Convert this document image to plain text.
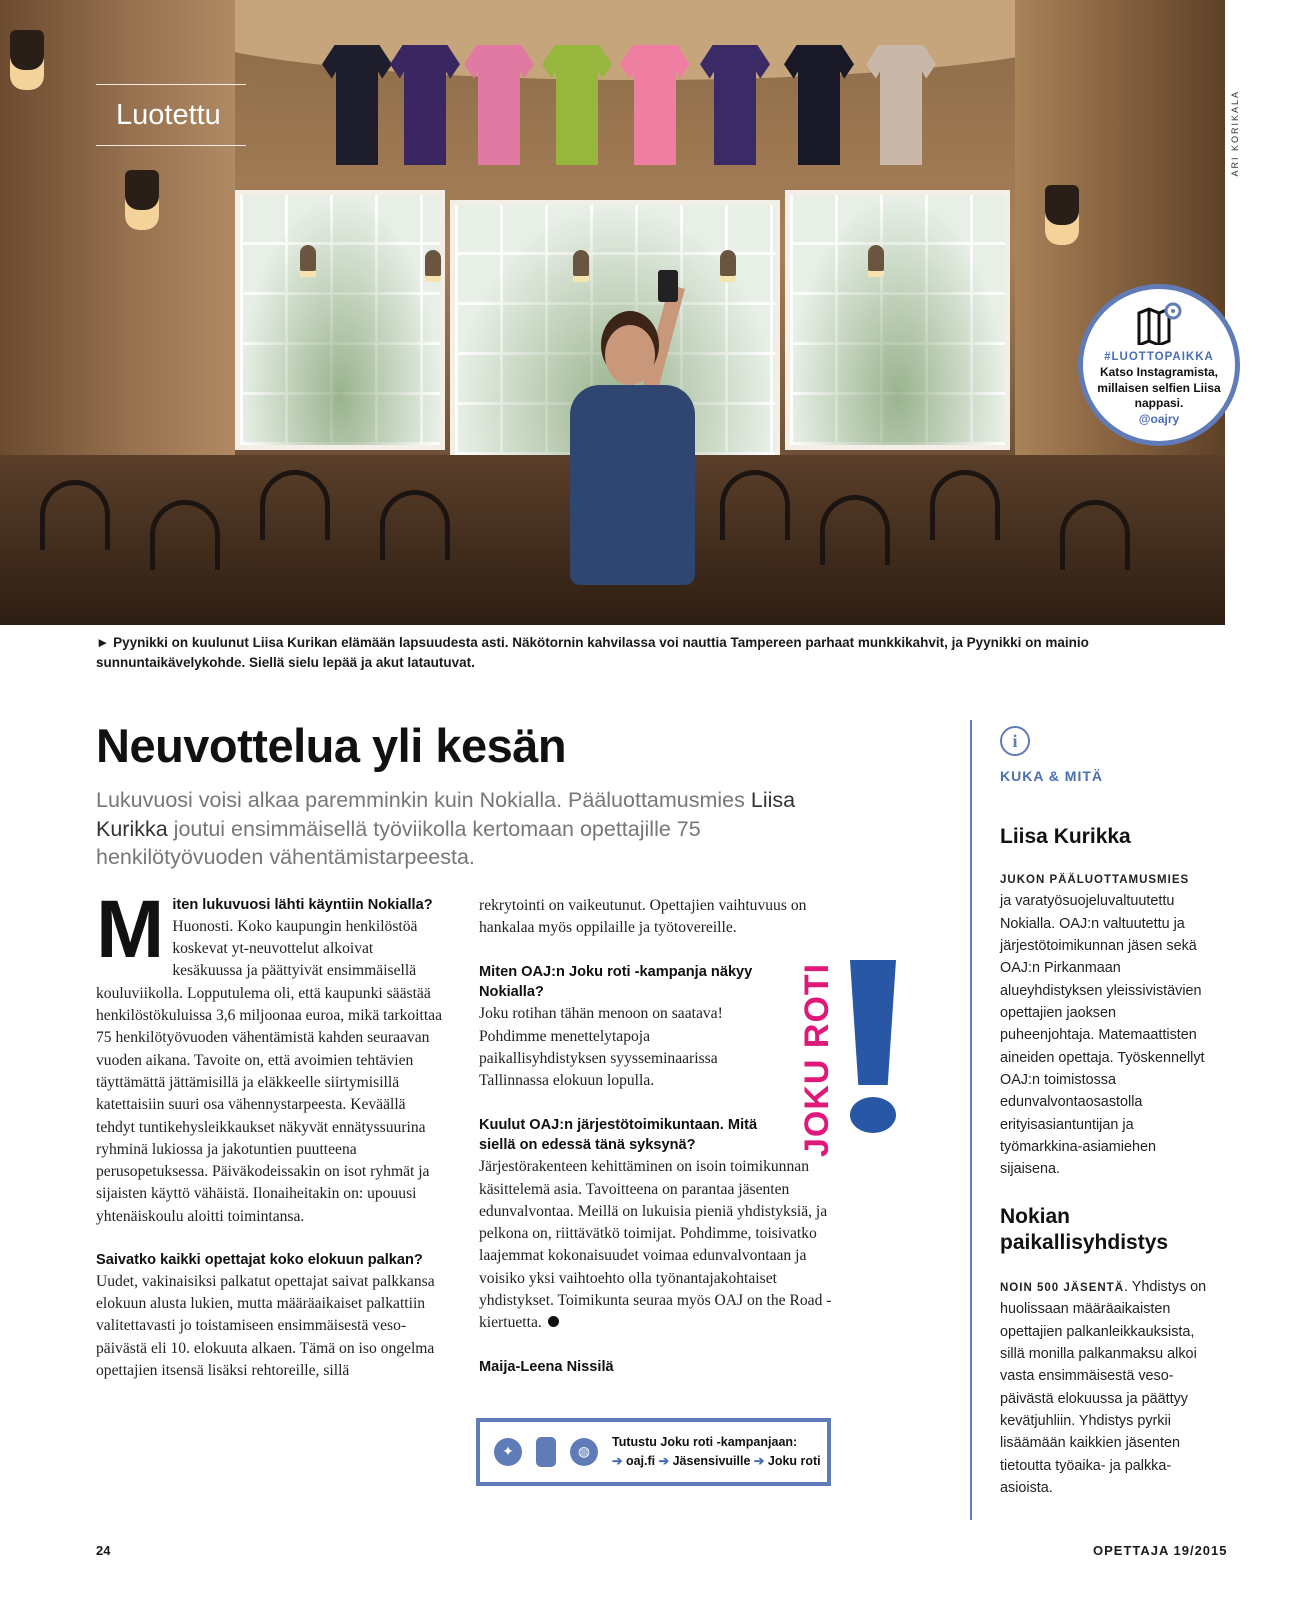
Luotettu	ARI KORIKALA
#LUOTTOPAIKKA
Katso Instagramista, millaisen selfien Liisa nappasi.
@oajry
► Pyynikki on kuulunut Liisa Kurikan elämään lapsuudesta asti. Näkötornin kahvilassa voi nauttia Tampereen parhaat munkkikahvit, ja Pyynikki on mainio sunnuntaikävelykohde. Siellä sielu lepää ja akut latautuvat.
Neuvottelua yli kesän
Lukuvuosi voisi alkaa paremminkin kuin Nokialla. Pääluottamusmies Liisa Kurikka joutui ensimmäisellä työviikolla kertomaan opettajille 75 henkilötyövuoden vähentämistarpeesta.
M iten lukuvuosi lähti käyntiin Nokialla?

Huonosti. Koko kaupungin henkilöstöä koskevat yt-neuvottelut alkoivat kesäkuussa ja päättyivät ensimmäisellä kouluviikolla. Lopputulema oli, että kaupunki säästää henkilöstökuluissa 3,6 miljoonaa euroa, mikä tarkoittaa 75 henkilötyövuoden vähentämistä kahden seuraavan vuoden aikana. Tavoite on, että avoimien tehtävien täyttämättä jättämisillä ja eläkkeelle siirtymisillä katettaisiin suuri osa vähennystarpeesta. Keväällä tehdyt tuntikehysleikkaukset näkyvät ennätyssuurina ryhminä lukiossa ja jakotuntien puutteena perusopetuksessa. Päiväkodeissakin on isot ryhmät ja sijaisten käyttö vähäistä. Ilonaiheitakin on: upouusi yhtenäiskoulu aloitti toimintansa.

Saivatko kaikki opettajat koko elokuun palkan?

Uudet, vakinaisiksi palkatut opettajat saivat palkkansa elokuun alusta lukien, mutta määräaikaiset palkattiin valitettavasti jo toistamiseen ensimmäisestä veso-päivästä eli 10. elokuuta alkaen. Tämä on iso ongelma opettajien itsensä lisäksi rehtoreille, sillä

rekrytointi on vaikeutunut. Opettajien vaihtuvuus on hankalaa myös oppilaille ja työtovereille.

Miten OAJ:n Joku roti -kampanja näkyy Nokialla?

Joku rotihan tähän menoon on saatava! Pohdimme menettelytapoja paikallisyhdistyksen syysseminaarissa Tallinnassa elokuun lopulla.

Kuulut OAJ:n järjestötoimikuntaan. Mitä siellä on edessä tänä syksynä?

Järjestörakenteen kehittäminen on isoin toimikunnan käsittelemä asia. Tavoitteena on parantaa jäsenten edunvalvontaa. Meillä on lukuisia pieniä yhdistyksiä, ja pelkona on, riittävätkö toimijat. Pohdimme, toisivatko laajemmat kokonaisuudet voimaa edunvalvontaan ja voisiko yksi vaihtoehto olla työnantajakohtaiset yhdistykset. Toimikunta seuraa myös OAJ on the Road -kiertuetta.

Maija-Leena Nissilä

JOKU ROTI
✦	◍
Tutustu Joku roti -kampanjaan:
➔ oaj.fi ➔ Jäsensivuille ➔ Joku roti
i
KUKA & MITÄ
Liisa Kurikka
JUKON PÄÄLUOTTAMUSMIES
ja varatyösuojeluvaltuutettu Nokialla. OAJ:n valtuutettu ja järjestötoimikunnan jäsen sekä OAJ:n Pirkanmaan alueyhdistyksen yleissivistävien opettajien jaoksen puheenjohtaja. Matemaattisten aineiden opettaja. Työskennellyt OAJ:n toimistossa edunvalvontaosastolla erityisasiantuntijan ja työmarkkina-asiamiehen sijaisena.
Nokian paikallisyhdistys
NOIN 500 JÄSENTÄ. Yhdistys on huolissaan määräaikaisten opettajien palkanleikkauksista, sillä monilla palkanmaksu alkoi vasta ensimmäisestä veso-päivästä elokuussa ja päättyy kevätjuhliin. Yhdistys pyrkii lisäämään kaikkien jäsenten tietoutta työaika- ja palkka-asioista.
24	OPETTAJA 19/2015
